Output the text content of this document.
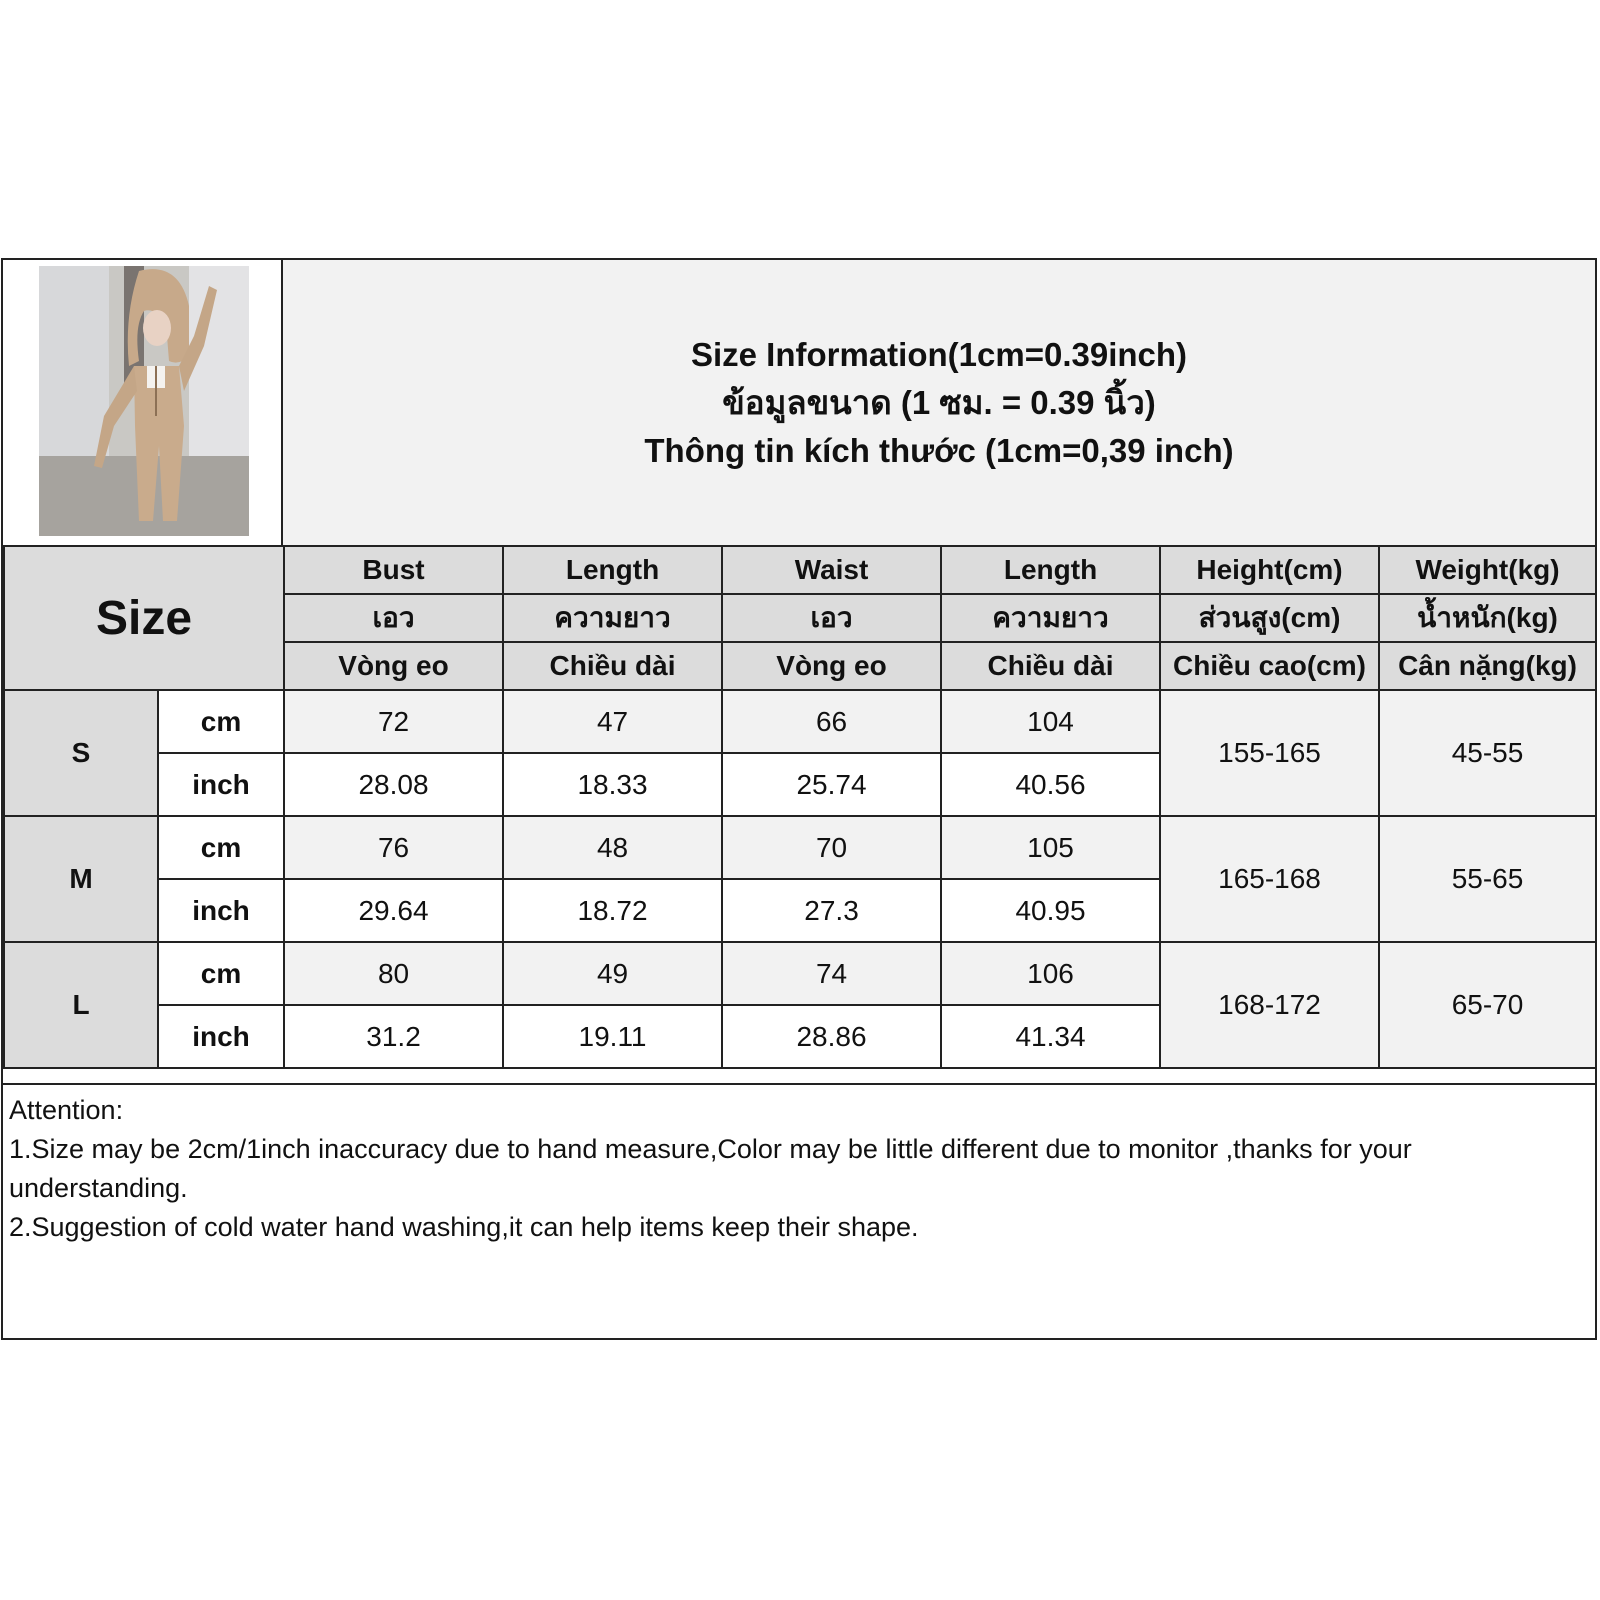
Size Information(1cm=0.39inch)
ข้อมูลขนาด (1 ซม. = 0.39 นิ้ว)
Thông tin kích thước (1cm=0,39 inch)
Size		Bust	Length	Waist	Length	Height(cm)	Weight(kg)
		เอว	ความยาว	เอว	ความยาว	ส่วนสูง(cm)	น้ำหนัก(kg)
		Vòng eo	Chiều dài	Vòng eo	Chiều dài	Chiều cao(cm)	Cân nặng(kg)
S	cm	72	47	66	104	155-165	45-55
	inch	28.08	18.33	25.74	40.56		
M	cm	76	48	70	105	165-168	55-65
	inch	29.64	18.72	27.3	40.95		
L	cm	80	49	74	106	168-172	65-70
	inch	31.2	19.11	28.86	41.34		

Attention:

1.Size may be 2cm/1inch inaccuracy due to hand measure,Color may be little different due to monitor ,thanks for your understanding.

2.Suggestion of cold water hand washing,it can help items keep their shape.
